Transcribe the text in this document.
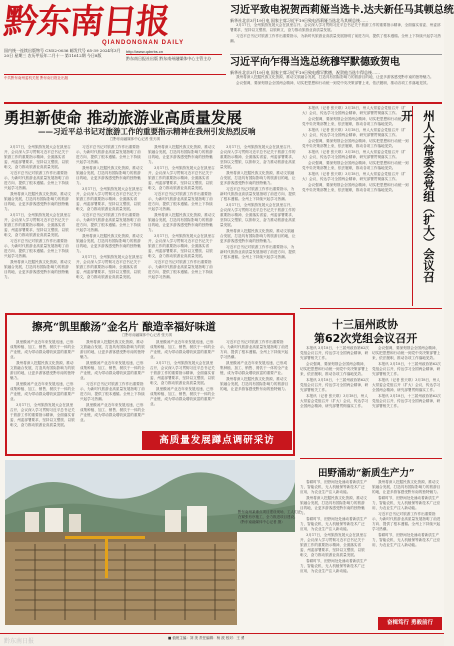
黔东南日报
QIANDONGNAN DAILY
http://www.qdnrbs.cn
国内统一连续出版物号 CN52-0036 邮发代号 65-39 2024年3月20日 星期三 农历甲辰年二月十一 第11612期 今日8版
黔东南日报社出版 黔东南州融媒体中心主管主办
中共黔东南州委机关报 黔东南日报社出版
习近平致电祝贺西莉娅当选卡.达夫新任马其顿总统
新华社北京3月19日电 国家主席习近平19日致电西莉娅当选北马其顿总统……

3月17日，全州旅游发展大会在凯里召开，会议深入学习贯彻习近平总书记关于旅游工作的重要指示精神，全面落实省委、州委部署要求，坚持以文塑旅、以旅彰文，奋力推动旅游业高质量发展。

习近平总书记对旅游工作作出重要指示，为新时代旅游业高质量发展指明了前进方向、提供了根本遵循。全州上下持续兴起学习热潮。

习近平向乍得当选总统穆罕默德致贺电
新华社北京3月19日电 国家主席习近平19日致电穆罕默德，祝贺他当选乍得总统……

我州将深入挖掘民族文化资源，推动文旅融合发展，打造具有国际影响力的旅游目的地，让更多游客感受黔东南的独特魅力。

会议强调，要深刻领会全国两会精神，切实把思想和行动统一到党中央决策部署上来，依法履职，推动各项工作落地见效。

勇担新使命 推动旅游业高质量发展
——习近平总书记对旅游工作的重要指示精神在我州引发热烈反响
□黔东南融媒体中心记者 张天琪

3月17日，全州旅游发展大会在凯里召开，会议深入学习贯彻习近平总书记关于旅游工作的重要指示精神，全面落实省委、州委部署要求，坚持以文塑旅、以旅彰文，奋力推动旅游业高质量发展。

习近平总书记对旅游工作作出重要指示，为新时代旅游业高质量发展指明了前进方向、提供了根本遵循。全州上下持续兴起学习热潮。

我州将深入挖掘民族文化资源，推动文旅融合发展，打造具有国际影响力的旅游目的地，让更多游客感受黔东南的独特魅力。

3月17日，全州旅游发展大会在凯里召开，会议深入学习贯彻习近平总书记关于旅游工作的重要指示精神，全面落实省委、州委部署要求，坚持以文塑旅、以旅彰文，奋力推动旅游业高质量发展。

习近平总书记对旅游工作作出重要指示，为新时代旅游业高质量发展指明了前进方向、提供了根本遵循。全州上下持续兴起学习热潮。

我州将深入挖掘民族文化资源，推动文旅融合发展，打造具有国际影响力的旅游目的地，让更多游客感受黔东南的独特魅力。

习近平总书记对旅游工作作出重要指示，为新时代旅游业高质量发展指明了前进方向、提供了根本遵循。全州上下持续兴起学习热潮。

我州将深入挖掘民族文化资源，推动文旅融合发展，打造具有国际影响力的旅游目的地，让更多游客感受黔东南的独特魅力。

3月17日，全州旅游发展大会在凯里召开，会议深入学习贯彻习近平总书记关于旅游工作的重要指示精神，全面落实省委、州委部署要求，坚持以文塑旅、以旅彰文，奋力推动旅游业高质量发展。

习近平总书记对旅游工作作出重要指示，为新时代旅游业高质量发展指明了前进方向、提供了根本遵循。全州上下持续兴起学习热潮。

我州将深入挖掘民族文化资源，推动文旅融合发展，打造具有国际影响力的旅游目的地，让更多游客感受黔东南的独特魅力。

3月17日，全州旅游发展大会在凯里召开，会议深入学习贯彻习近平总书记关于旅游工作的重要指示精神，全面落实省委、州委部署要求，坚持以文塑旅、以旅彰文，奋力推动旅游业高质量发展。

我州将深入挖掘民族文化资源，推动文旅融合发展，打造具有国际影响力的旅游目的地，让更多游客感受黔东南的独特魅力。

3月17日，全州旅游发展大会在凯里召开，会议深入学习贯彻习近平总书记关于旅游工作的重要指示精神，全面落实省委、州委部署要求，坚持以文塑旅、以旅彰文，奋力推动旅游业高质量发展。

习近平总书记对旅游工作作出重要指示，为新时代旅游业高质量发展指明了前进方向、提供了根本遵循。全州上下持续兴起学习热潮。

我州将深入挖掘民族文化资源，推动文旅融合发展，打造具有国际影响力的旅游目的地，让更多游客感受黔东南的独特魅力。

3月17日，全州旅游发展大会在凯里召开，会议深入学习贯彻习近平总书记关于旅游工作的重要指示精神，全面落实省委、州委部署要求，坚持以文塑旅、以旅彰文，奋力推动旅游业高质量发展。

习近平总书记对旅游工作作出重要指示，为新时代旅游业高质量发展指明了前进方向、提供了根本遵循。全州上下持续兴起学习热潮。

3月17日，全州旅游发展大会在凯里召开，会议深入学习贯彻习近平总书记关于旅游工作的重要指示精神，全面落实省委、州委部署要求，坚持以文塑旅、以旅彰文，奋力推动旅游业高质量发展。

我州将深入挖掘民族文化资源，推动文旅融合发展，打造具有国际影响力的旅游目的地，让更多游客感受黔东南的独特魅力。

习近平总书记对旅游工作作出重要指示，为新时代旅游业高质量发展指明了前进方向、提供了根本遵循。全州上下持续兴起学习热潮。

3月17日，全州旅游发展大会在凯里召开，会议深入学习贯彻习近平总书记关于旅游工作的重要指示精神，全面落实省委、州委部署要求，坚持以文塑旅、以旅彰文，奋力推动旅游业高质量发展。

我州将深入挖掘民族文化资源，推动文旅融合发展，打造具有国际影响力的旅游目的地，让更多游客感受黔东南的独特魅力。

习近平总书记对旅游工作作出重要指示，为新时代旅游业高质量发展指明了前进方向、提供了根本遵循。全州上下持续兴起学习热潮。

本报讯（记者 张天琪）3月18日，州人大常委会党组召开（扩大）会议，传达学习全国两会精神，研究部署贯彻落实工作。

会议强调，要深刻领会全国两会精神，切实把思想和行动统一到党中央决策部署上来，依法履职，推动各项工作落地见效。

本报讯（记者 张天琪）3月18日，州人大常委会党组召开（扩大）会议，传达学习全国两会精神，研究部署贯彻落实工作。

会议强调，要深刻领会全国两会精神，切实把思想和行动统一到党中央决策部署上来，依法履职，推动各项工作落地见效。

本报讯（记者 张天琪）3月18日，州人大常委会党组召开（扩大）会议，传达学习全国两会精神，研究部署贯彻落实工作。

会议强调，要深刻领会全国两会精神，切实把思想和行动统一到党中央决策部署上来，依法履职，推动各项工作落地见效。

本报讯（记者 张天琪）3月18日，州人大常委会党组召开（扩大）会议，传达学习全国两会精神，研究部署贯彻落实工作。

会议强调，要深刻领会全国两会精神，切实把思想和行动统一到党中央决策部署上来，依法履职，推动各项工作落地见效。	州人大常委会党组（扩大）会议召开
擦亮“凯里酸汤”金名片 酿造幸福好味道
□黔东南融媒体中心记者 张天琪

凯里酸汤产业近年来发展迅速，已形成集种植、加工、销售、餐饮于一体的全产业链，成为带动群众增收致富的重要产业。

我州将深入挖掘民族文化资源，推动文旅融合发展，打造具有国际影响力的旅游目的地，让更多游客感受黔东南的独特魅力。

凯里酸汤产业近年来发展迅速，已形成集种植、加工、销售、餐饮于一体的全产业链，成为带动群众增收致富的重要产业。

3月17日，全州旅游发展大会在凯里召开，会议深入学习贯彻习近平总书记关于旅游工作的重要指示精神，全面落实省委、州委部署要求，坚持以文塑旅、以旅彰文，奋力推动旅游业高质量发展。

我州将深入挖掘民族文化资源，推动文旅融合发展，打造具有国际影响力的旅游目的地，让更多游客感受黔东南的独特魅力。

凯里酸汤产业近年来发展迅速，已形成集种植、加工、销售、餐饮于一体的全产业链，成为带动群众增收致富的重要产业。

习近平总书记对旅游工作作出重要指示，为新时代旅游业高质量发展指明了前进方向、提供了根本遵循。全州上下持续兴起学习热潮。

凯里酸汤产业近年来发展迅速，已形成集种植、加工、销售、餐饮于一体的全产业链，成为带动群众增收致富的重要产业。

凯里酸汤产业近年来发展迅速，已形成集种植、加工、销售、餐饮于一体的全产业链，成为带动群众增收致富的重要产业。

3月17日，全州旅游发展大会在凯里召开，会议深入学习贯彻习近平总书记关于旅游工作的重要指示精神，全面落实省委、州委部署要求，坚持以文塑旅、以旅彰文，奋力推动旅游业高质量发展。

凯里酸汤产业近年来发展迅速，已形成集种植、加工、销售、餐饮于一体的全产业链，成为带动群众增收致富的重要产业。

习近平总书记对旅游工作作出重要指示，为新时代旅游业高质量发展指明了前进方向、提供了根本遵循。全州上下持续兴起学习热潮。

凯里酸汤产业近年来发展迅速，已形成集种植、加工、销售、餐饮于一体的全产业链，成为带动群众增收致富的重要产业。

我州将深入挖掘民族文化资源，推动文旅融合发展，打造具有国际影响力的旅游目的地，让更多游客感受黔东南的独特魅力。

高质量发展蹲点调研采访
十三届州政协
第62次党组会议召开

本报讯 3月18日，十三届州政协第62次党组会议召开，传达学习全国两会精神，研究部署相关工作。

会议强调，要深刻领会全国两会精神，切实把思想和行动统一到党中央决策部署上来，依法履职，推动各项工作落地见效。

本报讯 3月18日，十三届州政协第62次党组会议召开，传达学习全国两会精神，研究部署相关工作。

本报讯（记者 张天琪）3月18日，州人大常委会党组召开（扩大）会议，传达学习全国两会精神，研究部署贯彻落实工作。

会议强调，要深刻领会全国两会精神，切实把思想和行动统一到党中央决策部署上来，依法履职，推动各项工作落地见效。

本报讯 3月18日，十三届州政协第62次党组会议召开，传达学习全国两会精神，研究部署相关工作。

本报讯（记者 张天琪）3月18日，州人大常委会党组召开（扩大）会议，传达学习全国两会精神，研究部署贯彻落实工作。

本报讯 3月18日，十三届州政协第62次党组会议召开，传达学习全国两会精神，研究部署相关工作。

田野涌动“新质生产力”

春耕时节，田野间处处涌动着新质生产力，智能农机、无人机植保等新技术广泛应用，为农业生产注入新动能。

我州将深入挖掘民族文化资源，推动文旅融合发展，打造具有国际影响力的旅游目的地，让更多游客感受黔东南的独特魅力。

春耕时节，田野间处处涌动着新质生产力，智能农机、无人机植保等新技术广泛应用，为农业生产注入新动能。

3月17日，全州旅游发展大会在凯里召开，会议深入学习贯彻习近平总书记关于旅游工作的重要指示精神，全面落实省委、州委部署要求，坚持以文塑旅、以旅彰文，奋力推动旅游业高质量发展。

春耕时节，田野间处处涌动着新质生产力，智能农机、无人机植保等新技术广泛应用，为农业生产注入新动能。

我州将深入挖掘民族文化资源，推动文旅融合发展，打造具有国际影响力的旅游目的地，让更多游客感受黔东南的独特魅力。

春耕时节，田野间处处涌动着新质生产力，智能农机、无人机植保等新技术广泛应用，为农业生产注入新动能。

习近平总书记对旅游工作作出重要指示，为新时代旅游业高质量发展指明了前进方向、提供了根本遵循。全州上下持续兴起学习热潮。

春耕时节，田野间处处涌动着新质生产力，智能农机、无人机植保等新技术广泛应用，为农业生产注入新动能。

黔东南州某重点项目建设现场，工人们正在紧张有序施工，全力推进项目建设。（黔东南融媒体中心记者 摄）
奋楫笃行 勇毅前行
■ 值班主编：刘 美 责任编辑：杨 波 校对：王 勇
黔东南日报
